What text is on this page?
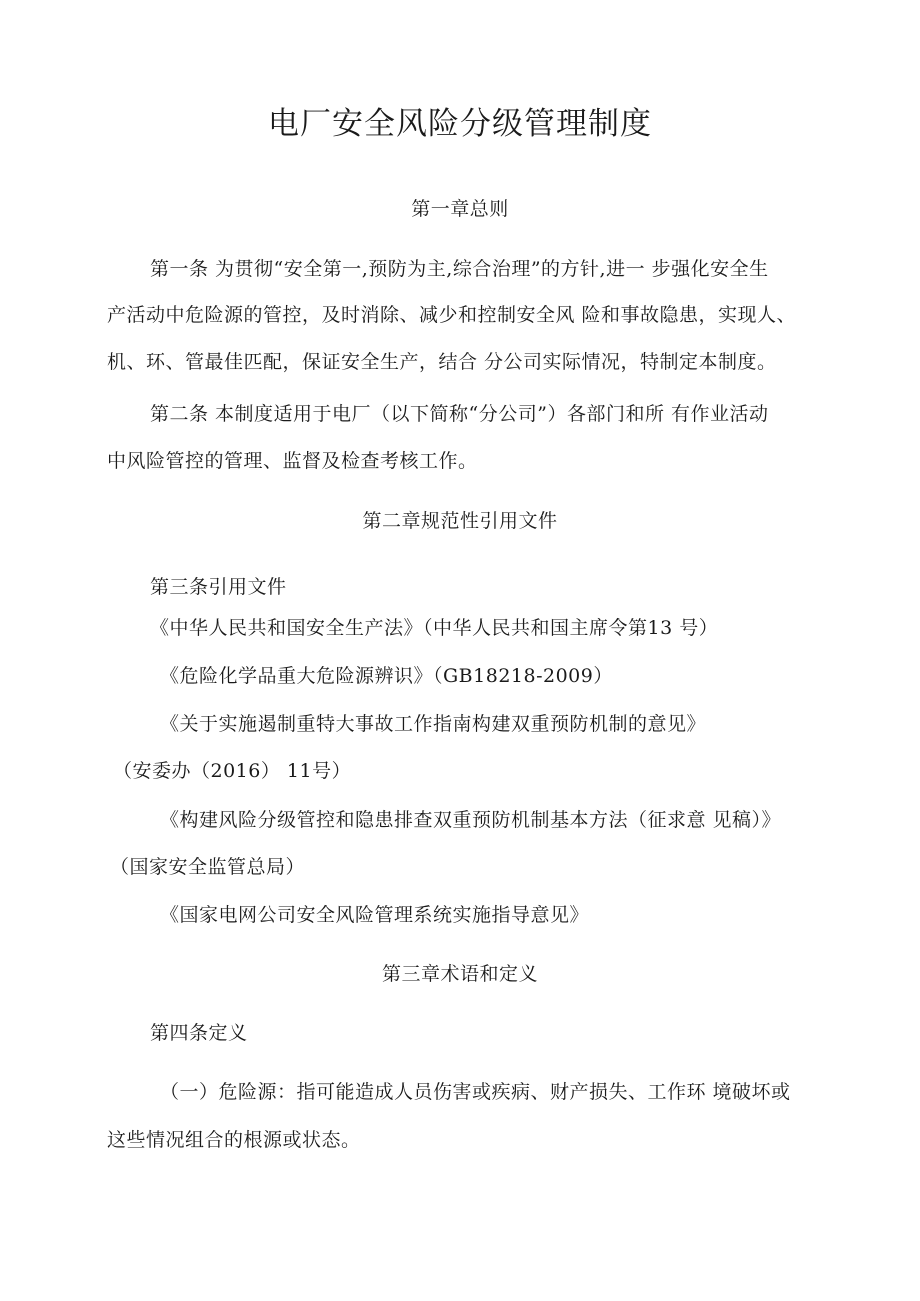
电厂安全风险分级管理制度
第一章总则
第一条 为贯彻“安全第一,预防为主,综合治理”的方针,进一 步强化安全生
产活动中危险源的管控，及时消除、减少和控制安全风 险和事故隐患，实现人、
机、环、管最佳匹配，保证安全生产，结合 分公司实际情况，特制定本制度。
第二条 本制度适用于电厂（以下简称“分公司”）各部门和所 有作业活动
中风险管控的管理、监督及检查考核工作。
第二章规范性引用文件
第三条引用文件
《中华人民共和国安全生产法》（中华人民共和国主席令第13 号）
《危险化学品重大危险源辨识》（GB18218-2009）
《关于实施遏制重特大事故工作指南构建双重预防机制的意见》
（安委办（2016） 11号）
《构建风险分级管控和隐患排查双重预防机制基本方法（征求意 见稿）》
（国家安全监管总局）
《国家电网公司安全风险管理系统实施指导意见》
第三章术语和定义
第四条定义
（一）危险源：指可能造成人员伤害或疾病、财产损失、工作环 境破坏或
这些情况组合的根源或状态。
